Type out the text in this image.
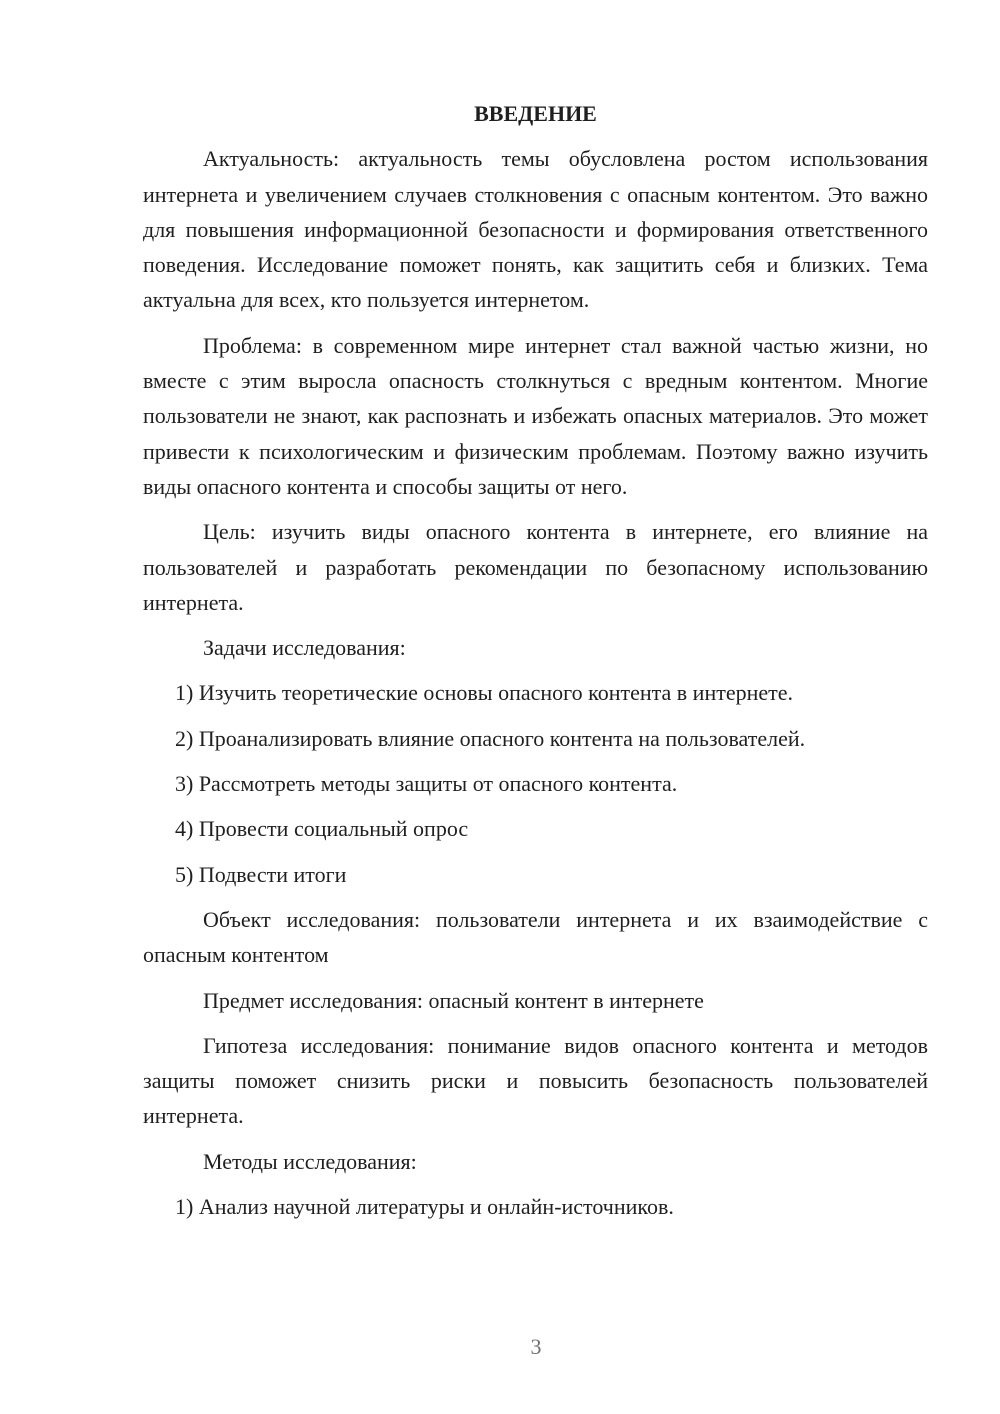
ВВЕДЕНИЕ

Актуальность: актуальность темы обусловлена ростом использования интернета и увеличением случаев столкновения с опасным контентом. Это важно для повышения информационной безопасности и формирования ответственного поведения. Исследование поможет понять, как защитить себя и близких. Тема актуальна для всех, кто пользуется интернетом.

Проблема: в современном мире интернет стал важной частью жизни, но вместе с этим выросла опасность столкнуться с вредным контентом. Многие пользователи не знают, как распознать и избежать опасных материалов. Это может привести к психологическим и физическим проблемам. Поэтому важно изучить виды опасного контента и способы защиты от него.

Цель: изучить виды опасного контента в интернете, его влияние на пользователей и разработать рекомендации по безопасному использованию интернета.

Задачи исследования:

1) Изучить теоретические основы опасного контента в интернете.
2) Проанализировать влияние опасного контента на пользователей.
3) Рассмотреть методы защиты от опасного контента.
4) Провести социальный опрос
5) Подвести итоги

Объект исследования: пользователи интернета и их взаимодействие с опасным контентом

Предмет исследования: опасный контент в интернете

Гипотеза исследования: понимание видов опасного контента и методов защиты поможет снизить риски и повысить безопасность пользователей интернета.

Методы исследования:

1) Анализ научной литературы и онлайн-источников.
3
